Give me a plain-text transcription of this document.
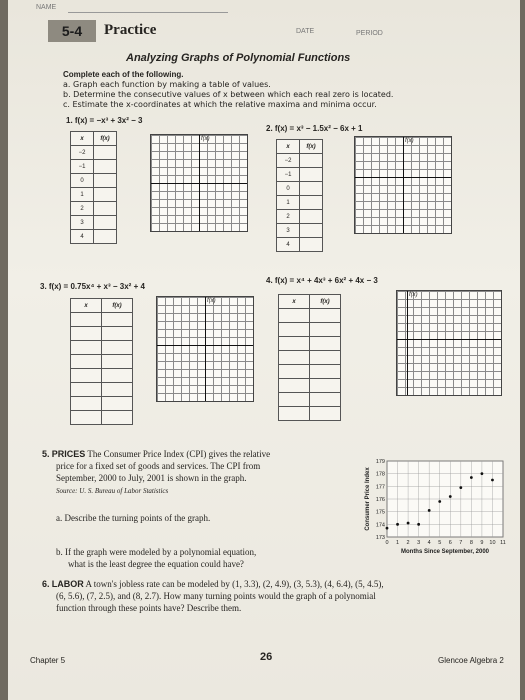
NAME
DATE	PERIOD
5-4	Practice
Analyzing Graphs of Polynomial Functions
Complete each of the following.
a. Graph each function by making a table of values.
b. Determine the consecutive values of x between which each real zero is located.
c. Estimate the x-coordinates at which the relative maxima and minima occur.
1. f(x) = −x³ + 3x² − 3
x	f(x)
−2	
−1	
0	
1	
2	
3	
4	
f(x)
2. f(x) = x³ − 1.5x² − 6x + 1
x	f(x)
−2	
−1	
0	
1	
2	
3	
4	
f(x)
3. f(x) = 0.75x⁴ + x³ − 3x² + 4
x	f(x)

f(x)
4. f(x) = x⁴ + 4x³ + 6x² + 4x − 3
x	f(x)

f(x)
5. PRICES The Consumer Price Index (CPI) gives the relative
price for a fixed set of goods and services. The CPI from
September, 2000 to July, 2001 is shown in the graph.
Source: U. S. Bureau of Labor Statistics
a. Describe the turning points of the graph.
b. If the graph were modeled by a polynomial equation,
what is the least degree the equation could have?
0 1 2 3 4 5 6 7 8 9 10 11
173
174
175
176
177
178
179
Months Since September, 2000
Consumer Price Index
6. LABOR A town's jobless rate can be modeled by (1, 3.3), (2, 4.9), (3, 5.3), (4, 6.4), (5, 4.5),
(6, 5.6), (7, 2.5), and (8, 2.7). How many turning points would the graph of a polynomial
function through these points have? Describe them.
Chapter 5	26	Glencoe Algebra 2
